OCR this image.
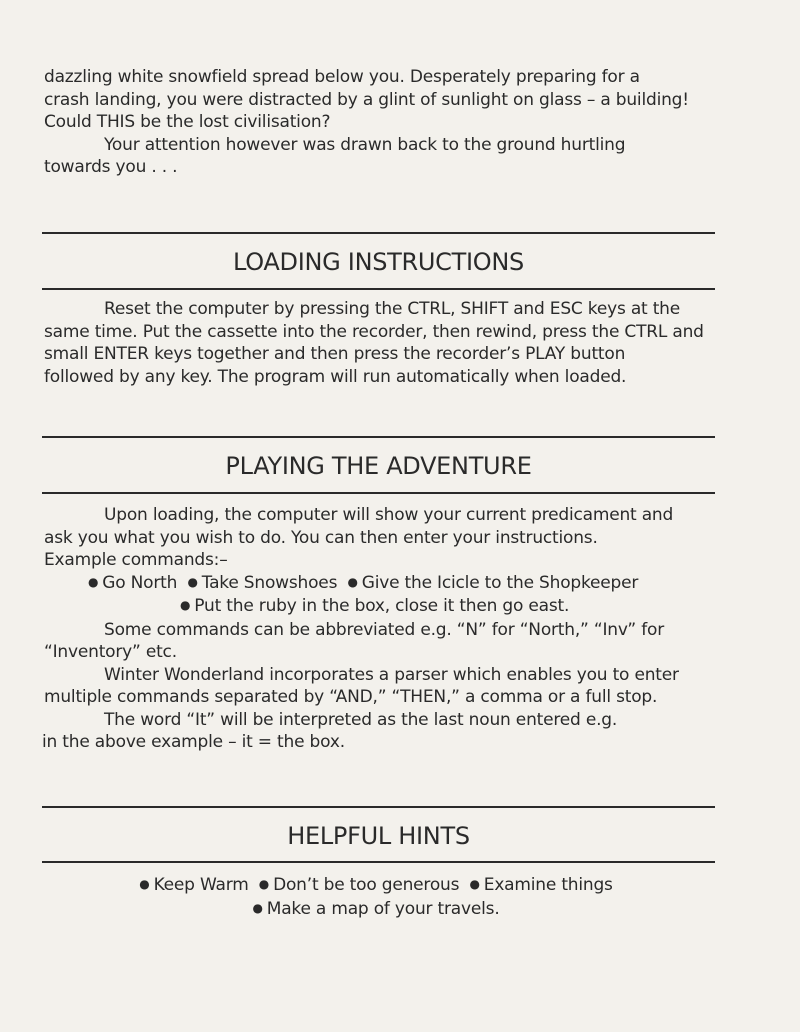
dazzling white snowfield spread below you. Desperately preparing for a
crash landing, you were distracted by a glint of sunlight on glass – a building!
Could THIS be the lost civilisation?
Your attention however was drawn back to the ground hurtling
towards you . . .
LOADING INSTRUCTIONS
Reset the computer by pressing the CTRL, SHIFT and ESC keys at the
same time. Put the cassette into the recorder, then rewind, press the CTRL and
small ENTER keys together and then press the recorder’s PLAY button
followed by any key. The program will run automatically when loaded.
PLAYING THE ADVENTURE
Upon loading, the computer will show your current predicament and
ask you what you wish to do. You can then enter your instructions.
Example commands:–
● Go North ● Take Snowshoes ● Give the Icicle to the Shopkeeper
● Put the ruby in the box, close it then go east.
Some commands can be abbreviated e.g. “N” for “North,” “Inv” for
“Inventory” etc.
Winter Wonderland incorporates a parser which enables you to enter
multiple commands separated by “AND,” “THEN,” a comma or a full stop.
The word “It” will be interpreted as the last noun entered e.g.
in the above example – it = the box.
HELPFUL HINTS
● Keep Warm ● Don’t be too generous ● Examine things
● Make a map of your travels.
